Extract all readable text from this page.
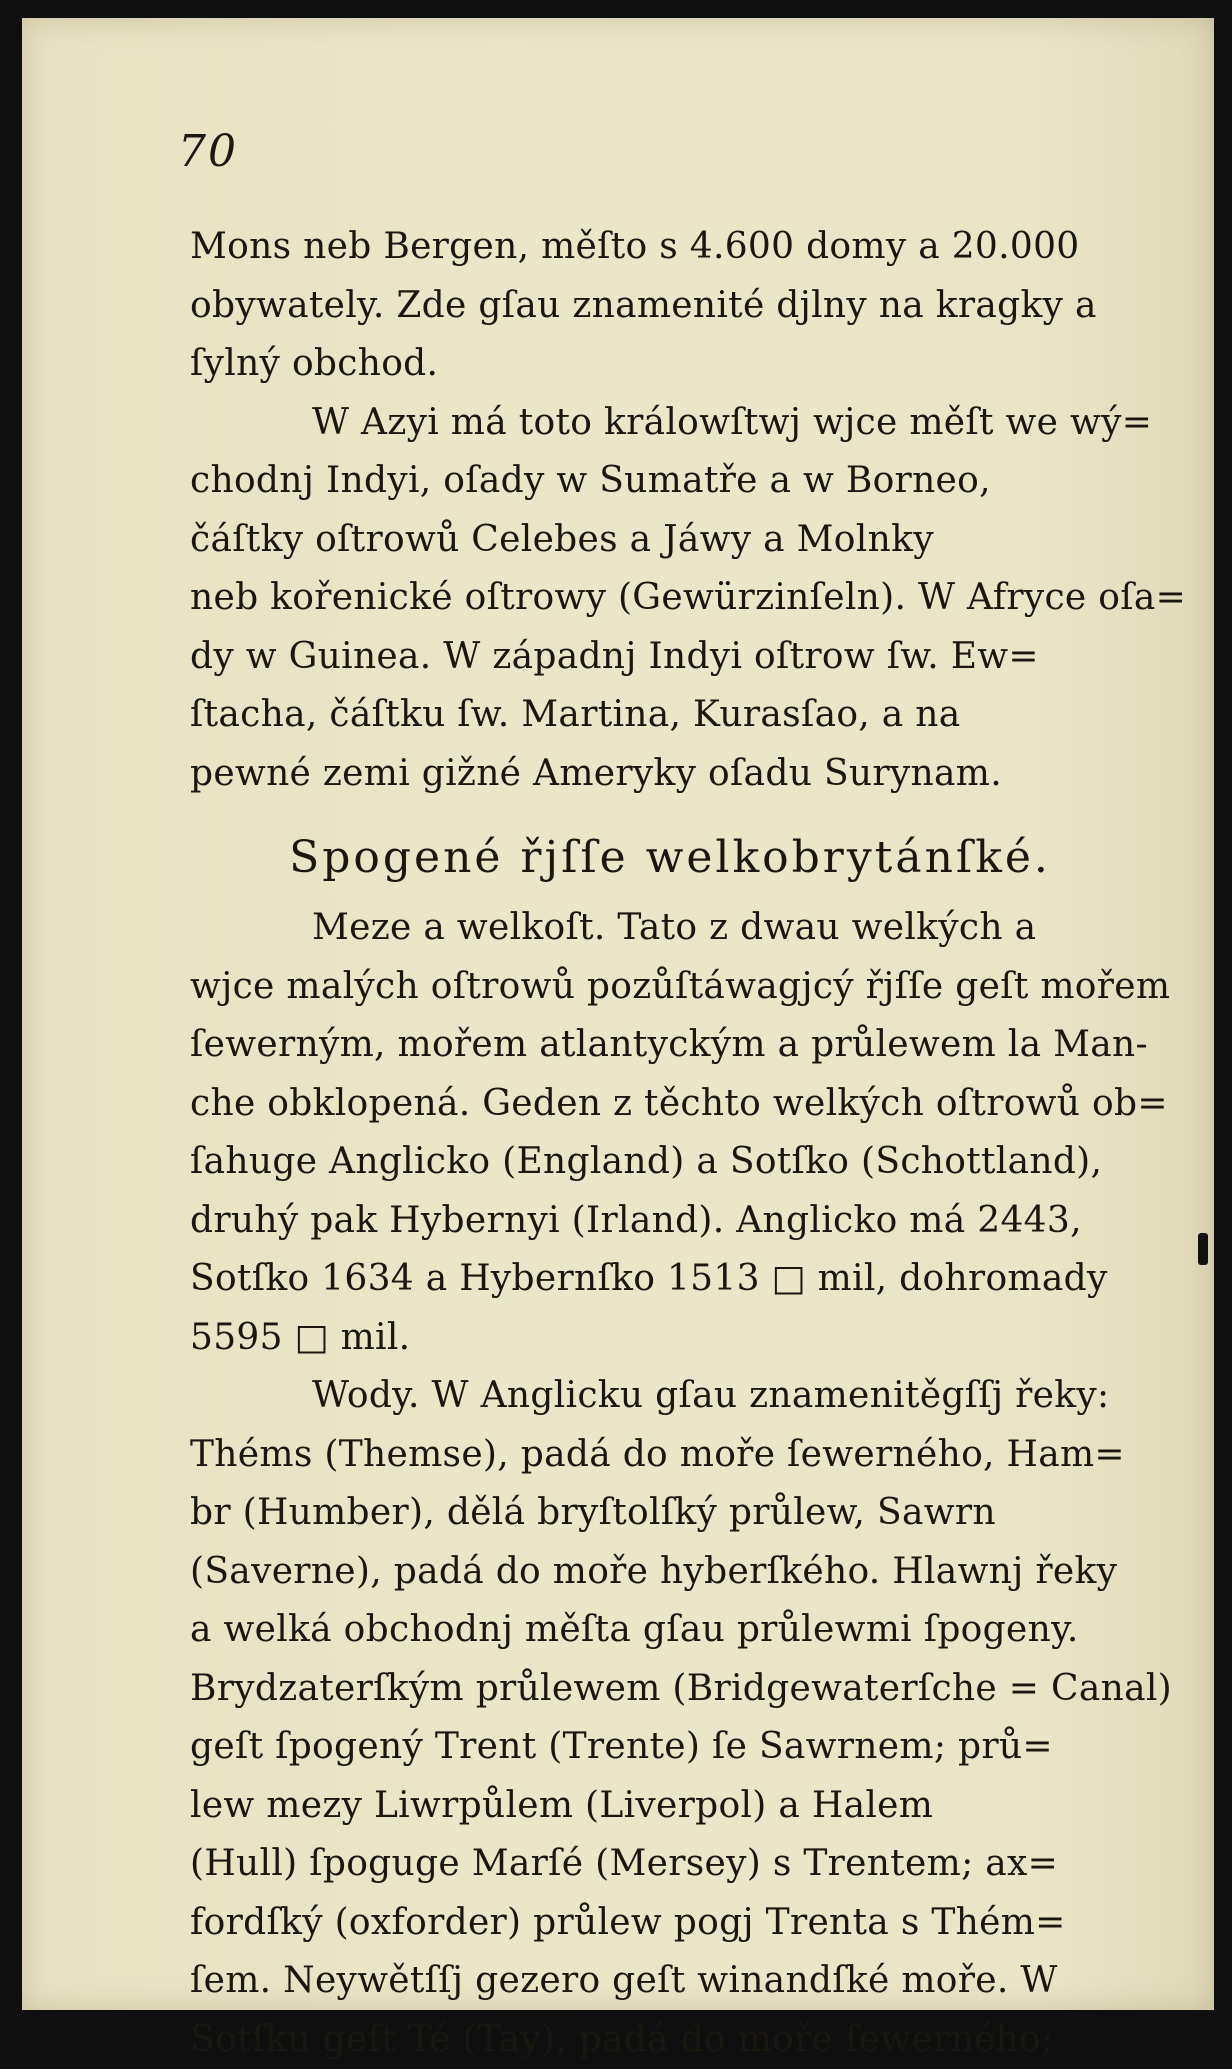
70
Mons neb Bergen, měſto s 4.600 domy a 20.000
obywately. Zde gſau znamenité djlny na kragky a
ſylný obchod.
W Azyi má toto králowſtwj wjce měſt we wý=
chodnj Indyi, oſady w Sumatře a w Borneo,
čáſtky oſtrowů Celebes a Jáwy a Molnky
neb kořenické oſtrowy (Gewürzinſeln). W Afryce oſa=
dy w Guinea. W západnj Indyi oſtrow ſw. Ew=
ſtacha, čáſtku ſw. Martina, Kurasſao, a na
pewné zemi gižné Ameryky oſadu Surynam.
Spogené řjſſe welkobrytánſké.
Meze a welkoſt. Tato z dwau welkých a
wjce malých oſtrowů pozůſtáwagjcý řjſſe geſt mořem
ſewerným, mořem atlantyckým a průlewem la Man-
che obklopená. Geden z těchto welkých oſtrowů ob=
ſahuge Anglicko (England) a Sotſko (Schottland),
druhý pak Hybernyi (Irland). Anglicko má 2443,
Sotſko 1634 a Hybernſko 1513 □ mil, dohromady
5595 □ mil.
Wody. W Anglicku gſau znamenitěgſſj řeky:
Théms (Themse), padá do moře ſewerného, Ham=
br (Humber), dělá bryſtolſký průlew, Sawrn
(Saverne), padá do moře hyberſkého. Hlawnj řeky
a welká obchodnj měſta gſau průlewmi ſpogeny.
Brydzaterſkým průlewem (Bridgewaterſche = Canal)
geſt ſpogený Trent (Trente) ſe Sawrnem; prů=
lew mezy Liwrpůlem (Liverpol) a Halem
(Hull) ſpoguge Marſé (Mersey) s Trentem; ax=
fordſký (oxforder) průlew pogj Trenta s Thém=
ſem. Neywětſſj gezero geſt winandſké moře. W
Sotſku geſt Té (Tay), padá do moře ſewerného;
